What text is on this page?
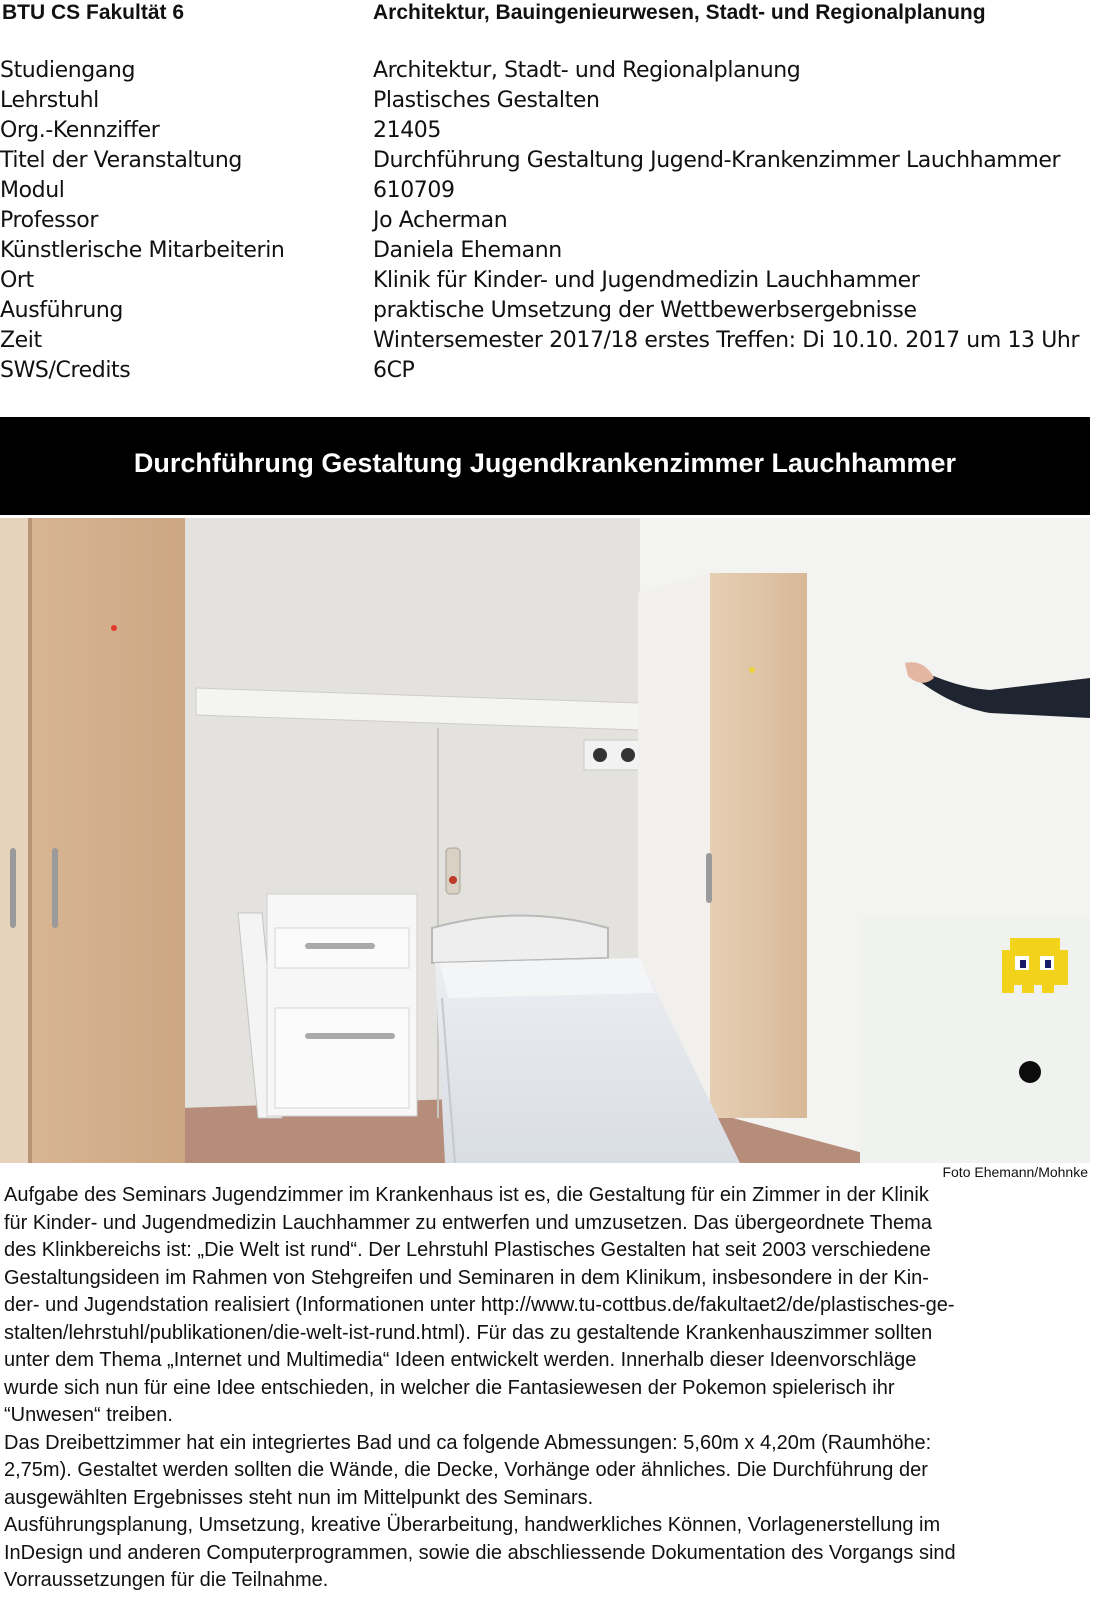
BTU CS Fakultät 6	Architektur, Bauingenieurwesen, Stadt- und Regionalplanung
Studiengang	Architektur, Stadt- und Regionalplanung
Lehrstuhl	Plastisches Gestalten
Org.-Kennziffer	21405
Titel der Veranstaltung	Durchführung Gestaltung Jugend-Krankenzimmer Lauchhammer
Modul	610709
Professor	Jo Acherman
Künstlerische Mitarbeiterin	Daniela Ehemann
Ort	Klinik für Kinder- und Jugendmedizin Lauchhammer
Ausführung	praktische Umsetzung der Wettbewerbsergebnisse
Zeit	Wintersemester 2017/18 erstes Treffen: Di 10.10. 2017 um 13 Uhr
SWS/Credits	6CP
Durchführung Gestaltung Jugendkrankenzimmer Lauchhammer
Foto Ehemann/Mohnke

Aufgabe des Seminars Jugendzimmer im Krankenhaus ist es, die Gestaltung für ein Zimmer in der Klinik
für Kinder- und Jugendmedizin Lauchhammer zu entwerfen und umzusetzen. Das übergeordnete Thema
des Klinkbereichs ist: „Die Welt ist rund“. Der Lehrstuhl Plastisches Gestalten hat seit 2003 verschiedene
Gestaltungsideen im Rahmen von Stehgreifen und Seminaren in dem Klinikum, insbesondere in der Kin-
der- und Jugendstation realisiert (Informationen unter http://www.tu-cottbus.de/fakultaet2/de/plastisches-ge-
stalten/lehrstuhl/publikationen/die-welt-ist-rund.html). Für das zu gestaltende Krankenhauszimmer sollten
unter dem Thema „Internet und Multimedia“ Ideen entwickelt werden. Innerhalb dieser Ideenvorschläge
wurde sich nun für eine Idee entschieden, in welcher die Fantasiewesen der Pokemon spielerisch ihr
“Unwesen“ treiben.

Das Dreibettzimmer hat ein integriertes Bad und ca folgende Abmessungen: 5,60m x 4,20m (Raumhöhe:
2,75m). Gestaltet werden sollten die Wände, die Decke, Vorhänge oder ähnliches. Die Durchführung der
ausgewählten Ergebnisses steht nun im Mittelpunkt des Seminars.

Ausführungsplanung, Umsetzung, kreative Überarbeitung, handwerkliches Können, Vorlagenerstellung im
InDesign und anderen Computerprogrammen, sowie die abschliessende Dokumentation des Vorgangs sind
Vorraussetzungen für die Teilnahme.
